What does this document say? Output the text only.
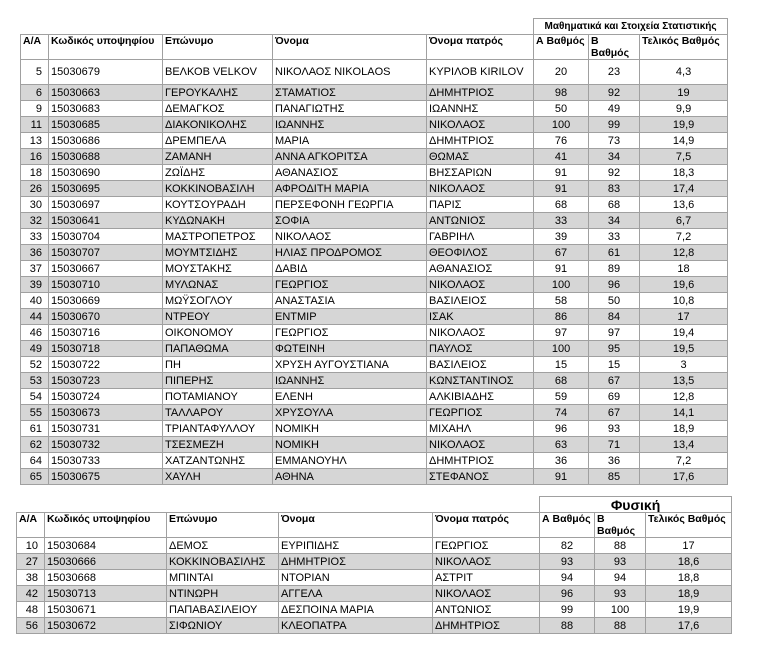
					Μαθηματικά και Στοιχεία Στατιστικής		
Α/Α	Κωδικός υποψηφίου	Επώνυμο	Όνομα	Όνομα πατρός	Α Βαθμός	Β Βαθμός	Τελικός Βαθμός
5	15030679	ΒΕΛΚΟΒ VELKOV	ΝΙΚΟΛΑΟΣ NIKOLAOS	ΚΥΡΙΛΟΒ KIRILOV	20	23	4,3
6	15030663	ΓΕΡΟΥΚΑΛΗΣ	ΣΤΑΜΑΤΙΟΣ	ΔΗΜΗΤΡΙΟΣ	98	92	19
9	15030683	ΔΕΜΑΓΚΟΣ	ΠΑΝΑΓΙΩΤΗΣ	ΙΩΑΝΝΗΣ	50	49	9,9
11	15030685	ΔΙΑΚΟΝΙΚΟΛΗΣ	ΙΩΑΝΝΗΣ	ΝΙΚΟΛΑΟΣ	100	99	19,9
13	15030686	ΔΡΕΜΠΕΛΑ	ΜΑΡΙΑ	ΔΗΜΗΤΡΙΟΣ	76	73	14,9
16	15030688	ΖΑΜΑΝΗ	ΑΝΝΑ ΑΓΚΟΡΙΤΣΑ	ΘΩΜΑΣ	41	34	7,5
18	15030690	ΖΩΪΔΗΣ	ΑΘΑΝΑΣΙΟΣ	ΒΗΣΣΑΡΙΩΝ	91	92	18,3
26	15030695	ΚΟΚΚΙΝΟΒΑΣΙΛΗ	ΑΦΡΟΔΙΤΗ ΜΑΡΙΑ	ΝΙΚΟΛΑΟΣ	91	83	17,4
30	15030697	ΚΟΥΤΣΟΥΡΑΔΗ	ΠΕΡΣΕΦΟΝΗ ΓΕΩΡΓΙΑ	ΠΑΡΙΣ	68	68	13,6
32	15030641	ΚΥΔΩΝΑΚΗ	ΣΟΦΙΑ	ΑΝΤΩΝΙΟΣ	33	34	6,7
33	15030704	ΜΑΣΤΡΟΠΕΤΡΟΣ	ΝΙΚΟΛΑΟΣ	ΓΑΒΡΙΗΛ	39	33	7,2
36	15030707	ΜΟΥΜΤΣΙΔΗΣ	ΗΛΙΑΣ ΠΡΟΔΡΟΜΟΣ	ΘΕΟΦΙΛΟΣ	67	61	12,8
37	15030667	ΜΟΥΣΤΑΚΗΣ	ΔΑΒΙΔ	ΑΘΑΝΑΣΙΟΣ	91	89	18
39	15030710	ΜΥΛΩΝΑΣ	ΓΕΩΡΓΙΟΣ	ΝΙΚΟΛΑΟΣ	100	96	19,6
40	15030669	ΜΩΫΣΟΓΛΟΥ	ΑΝΑΣΤΑΣΙΑ	ΒΑΣΙΛΕΙΟΣ	58	50	10,8
44	15030670	ΝΤΡΕΟΥ	ΕΝΤΜΙΡ	ΙΣΑΚ	86	84	17
46	15030716	ΟΙΚΟΝΟΜΟΥ	ΓΕΩΡΓΙΟΣ	ΝΙΚΟΛΑΟΣ	97	97	19,4
49	15030718	ΠΑΠΑΘΩΜΑ	ΦΩΤΕΙΝΗ	ΠΑΥΛΟΣ	100	95	19,5
52	15030722	ΠΗ	ΧΡΥΣΗ ΑΥΓΟΥΣΤΙΑΝΑ	ΒΑΣΙΛΕΙΟΣ	15	15	3
53	15030723	ΠΙΠΕΡΗΣ	ΙΩΑΝΝΗΣ	ΚΩΝΣΤΑΝΤΙΝΟΣ	68	67	13,5
54	15030724	ΠΟΤΑΜΙΑΝΟΥ	ΕΛΕΝΗ	ΑΛΚΙΒΙΑΔΗΣ	59	69	12,8
55	15030673	ΤΑΛΛΑΡΟΥ	ΧΡΥΣΟΥΛΑ	ΓΕΩΡΓΙΟΣ	74	67	14,1
61	15030731	ΤΡΙΑΝΤΑΦΥΛΛΟΥ	ΝΟΜΙΚΗ	ΜΙΧΑΗΛ	96	93	18,9
62	15030732	ΤΣΕΣΜΕΖΗ	ΝΟΜΙΚΗ	ΝΙΚΟΛΑΟΣ	63	71	13,4
64	15030733	ΧΑΤΖΑΝΤΩΝΗΣ	ΕΜΜΑΝΟΥΗΛ	ΔΗΜΗΤΡΙΟΣ	36	36	7,2
65	15030675	ΧΑΥΛΗ	ΑΘΗΝΑ	ΣΤΕΦΑΝΟΣ	91	85	17,6
					Φυσική		
Α/Α	Κωδικός υποψηφίου	Επώνυμο	Όνομα	Όνομα πατρός	Α Βαθμός	Β Βαθμός	Τελικός Βαθμός
10	15030684	ΔΕΜΟΣ	ΕΥΡΙΠΙΔΗΣ	ΓΕΩΡΓΙΟΣ	82	88	17
27	15030666	ΚΟΚΚΙΝΟΒΑΣΙΛΗΣ	ΔΗΜΗΤΡΙΟΣ	ΝΙΚΟΛΑΟΣ	93	93	18,6
38	15030668	ΜΠΙΝΤΑΙ	ΝΤΟΡΙΑΝ	ΑΣΤΡΙΤ	94	94	18,8
42	15030713	ΝΤΙΝΩΡΗ	ΑΓΓΕΛΑ	ΝΙΚΟΛΑΟΣ	96	93	18,9
48	15030671	ΠΑΠΑΒΑΣΙΛΕΙΟΥ	ΔΕΣΠΟΙΝΑ ΜΑΡΙΑ	ΑΝΤΩΝΙΟΣ	99	100	19,9
56	15030672	ΣΙΦΩΝΙΟΥ	ΚΛΕΟΠΑΤΡΑ	ΔΗΜΗΤΡΙΟΣ	88	88	17,6
